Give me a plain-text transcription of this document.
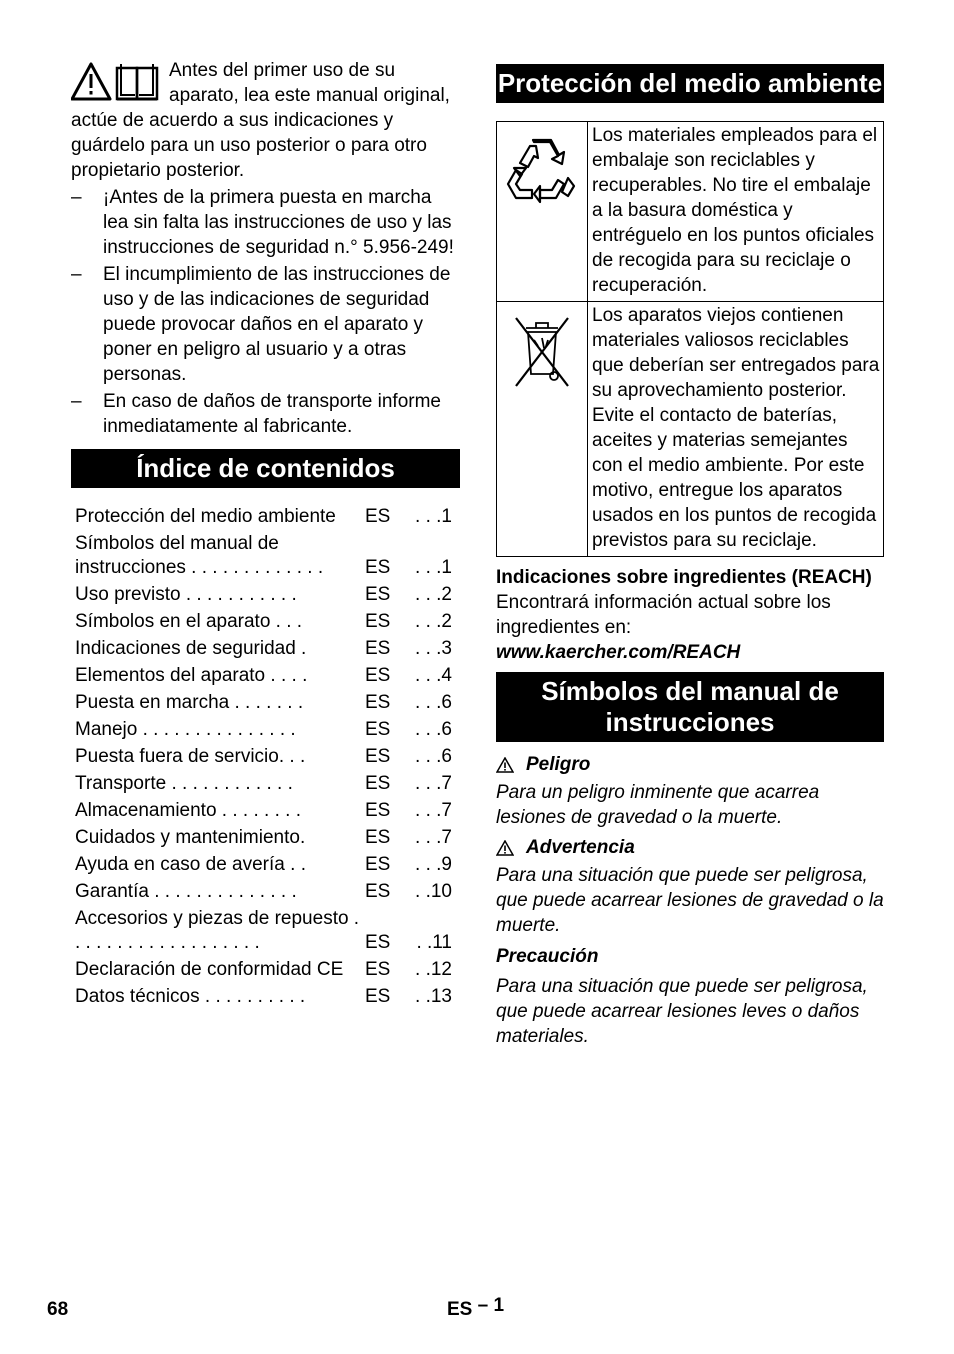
Antes del primer uso de su aparato, lea este manual original, actúe de acuerdo a sus indicaciones y guárdelo para un uso posterior o para otro propietario posterior.

– ¡Antes de la primera puesta en marcha lea sin falta las instrucciones de uso y las instrucciones de seguridad n.° 5.956-249!
– El incumplimiento de las instrucciones de uso y de las indicaciones de seguridad puede provocar daños en el aparato y poner en peligro al usuario y a otras personas.
– En caso de daños de transporte informe inmediatamente al fabricante.
Índice de contenidos
Protección del medio ambiente	ES	. . .1
Símbolos del manual de instrucciones . . . . . . . . . . . . .	ES	. . .1
Uso previsto . . . . . . . . . . .	ES	. . .2
Símbolos en el aparato . . .	ES	. . .2
Indicaciones de seguridad .	ES	. . .3
Elementos del aparato . . . .	ES	. . .4
Puesta en marcha . . . . . . .	ES	. . .6
Manejo . . . . . . . . . . . . . . .	ES	. . .6
Puesta fuera de servicio. . .	ES	. . .6
Transporte . . . . . . . . . . . .	ES	. . .7
Almacenamiento . . . . . . . .	ES	. . .7
Cuidados y mantenimiento.	ES	. . .7
Ayuda en caso de avería . .	ES	. . .9
Garantía . . . . . . . . . . . . . .	ES	. .10
Accesorios y piezas de repuesto . . . . . . . . . . . . . . . . . . .	ES	. .11
Declaración de conformidad CE	ES	. .12
Datos técnicos . . . . . . . . . .	ES	. .13
Protección del medio ambiente
	Los materiales empleados para el embalaje son reciclables y recuperables. No tire el embalaje a la basura doméstica y entréguelo en los puntos oficiales de recogida para su reciclaje o recuperación.
	Los aparatos viejos contienen materiales valiosos reciclables que deberían ser entregados para su aprovechamiento posterior. Evite el contacto de baterías, aceites y materias semejantes con el medio ambiente. Por este motivo, entregue los aparatos usados en los puntos de recogida previstos para su reciclaje.

Indicaciones sobre ingredientes (REACH)

Encontrará información actual sobre los ingredientes en:

www.kaercher.com/REACH

Símbolos del manual de instrucciones
Peligro

Para un peligro inminente que acarrea lesiones de gravedad o la muerte.

Advertencia

Para una situación que puede ser peligrosa, que puede acarrear lesiones de gravedad o la muerte.

Precaución

Para una situación que puede ser peligrosa, que puede acarrear lesiones leves o daños materiales.

68	ES – 1
